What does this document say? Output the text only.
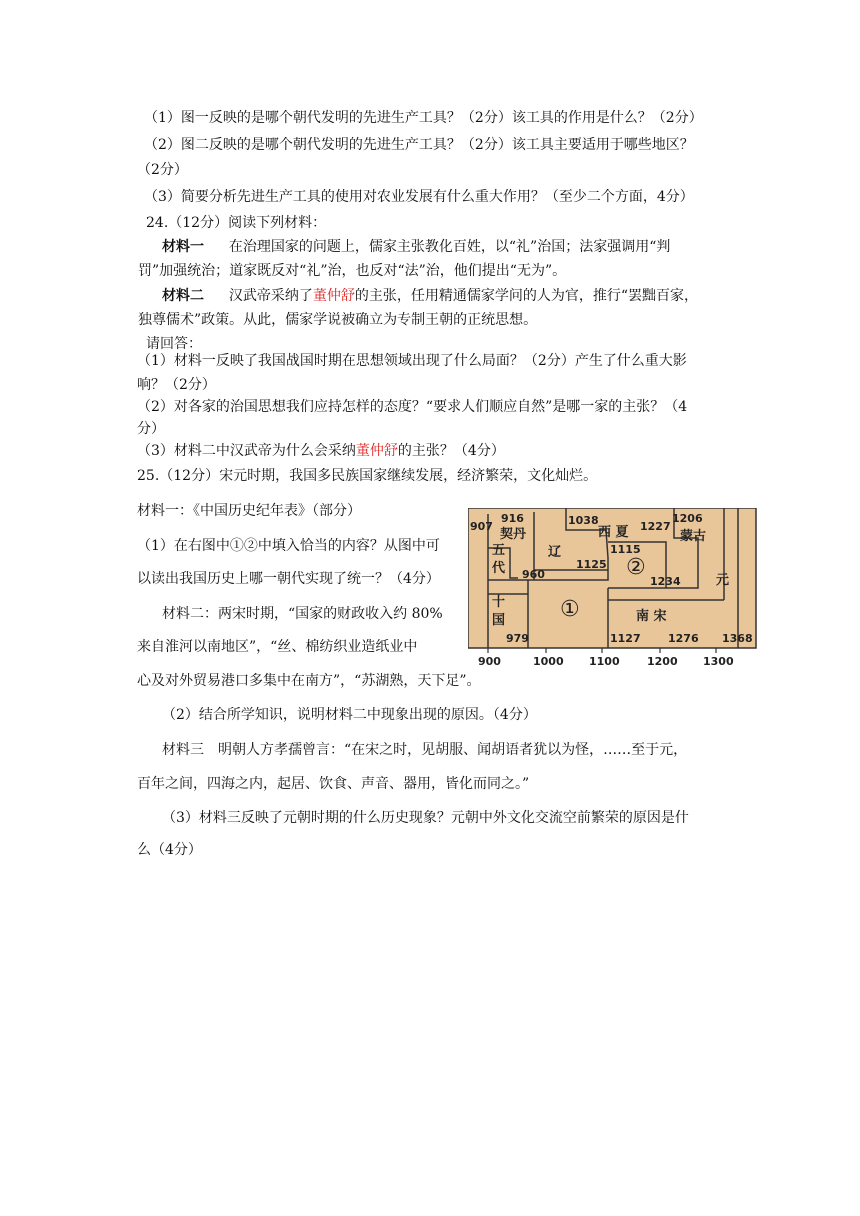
（1）图一反映的是哪个朝代发明的先进生产工具？（2分）该工具的作用是什么？（2分）
（2）图二反映的是哪个朝代发明的先进生产工具？（2分）该工具主要适用于哪些地区？
（2分）
（3）简要分析先进生产工具的使用对农业发展有什么重大作用？（至少二个方面，4分）
24.（12分）阅读下列材料：
材料一 在治理国家的问题上，儒家主张教化百姓，以“礼”治国；法家强调用“判
罚”加强统治；道家既反对“礼”治，也反对“法”治，他们提出“无为”。
材料二 汉武帝采纳了董仲舒的主张，任用精通儒家学问的人为官，推行“罢黜百家，
独尊儒术”政策。从此，儒家学说被确立为专制王朝的正统思想。
请回答：
（1）材料一反映了我国战国时期在思想领域出现了什么局面？（2分）产生了什么重大影
响？（2分）
（2）对各家的治国思想我们应持怎样的态度？“要求人们顺应自然”是哪一家的主张？（4
分）
（3）材料二中汉武帝为什么会采纳董仲舒的主张？（4分）
25.（12分）宋元时期，我国多民族国家继续发展，经济繁荣，文化灿烂。
材料一：《中国历史纪年表》（部分）
（1）在右图中①②中填入恰当的内容？从图中可
以读出我国历史上哪一朝代实现了统一？（4分）
材料二：两宋时期，“国家的财政收入约 80%
来自淮河以南地区”，“丝、棉纺织业造纸业中
心及对外贸易港口多集中在南方”，“苏湖熟，天下足”。
（2）结合所学知识，说明材料二中现象出现的原因。（4分）
材料三　明朝人方孝孺曾言：“在宋之时，见胡服、闻胡语者犹以为怪，……至于元，
百年之间，四海之内，起居、饮食、声音、器用，皆化而同之。”
（3）材料三反映了元朝时期的什么历史现象？元朝中外文化交流空前繁荣的原因是什
么（4分）
907
916	1038	1227
1206
1115
1125
1234
960
979	1127 1276 1368
契丹
辽
西 夏	蒙古
五
代
十
国	南 宋
元
①
②
900	1000 1100 1200 1300
